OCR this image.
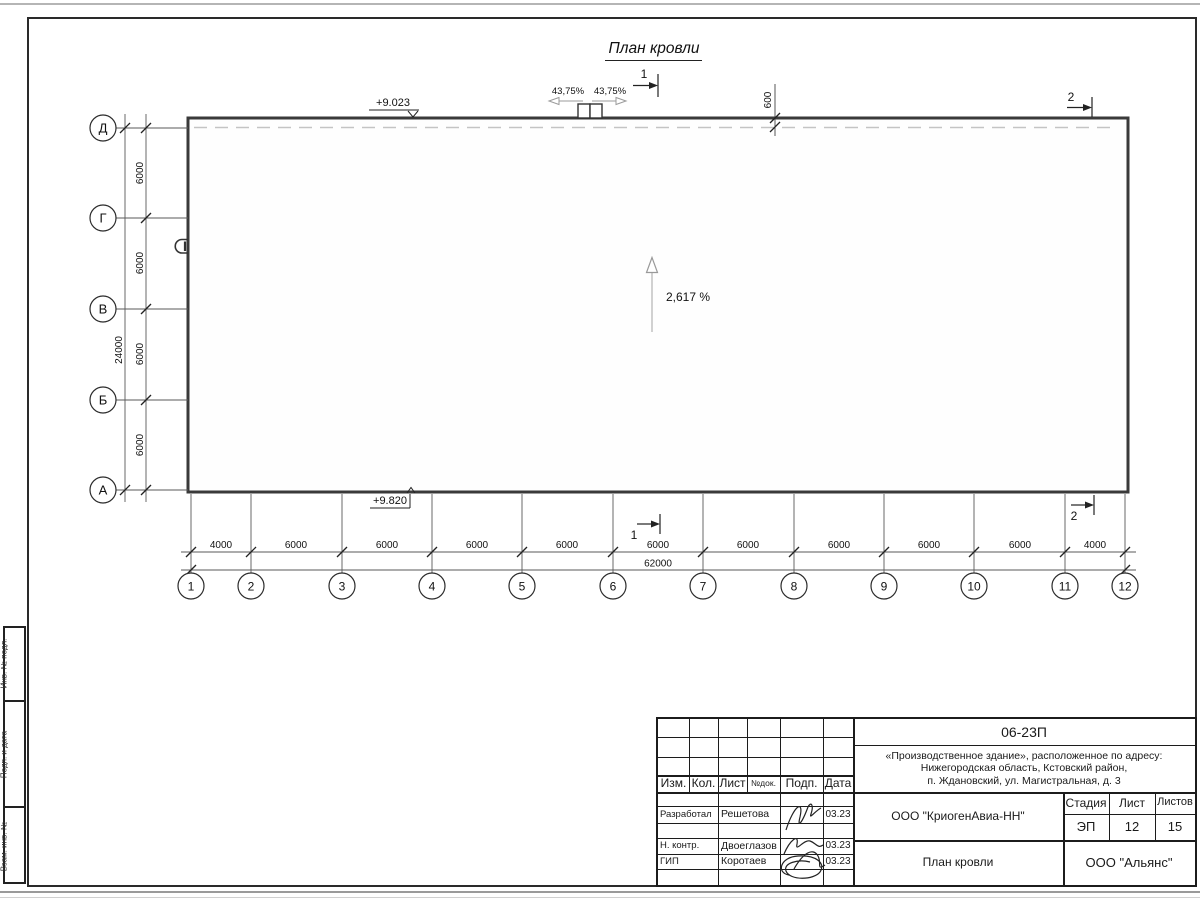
Инв. № подл.
Подп. и дата
Взам. инв. №
План кровли
Д
Г
В
Б
А
1	2	3	4	5	6	7	8	9	10	11	12
4000	6000	6000	6000	6000	6000	6000	6000	6000	6000	4000
62000
6000
6000
6000
6000
24000
600
43,75% 43,75%
2,617 %
+9.023
+9.820
1
2
1
2
Изм. Кол. Лист №док. Подп. Дата
Разработал Решетова	03.23
Н. контр.	Двоеглазов	03.23
ГИП	Коротаев	03.23
06-23П
«Производственное здание», расположенное по адресу:
Нижегородская область, Кстовский район,
п. Ждановский, ул. Магистральная, д. 3
ООО "КриогенАвиа-НН"
Стадия	Лист	Листов
ЭП	12	15
План кровли	ООО "Альянс"
